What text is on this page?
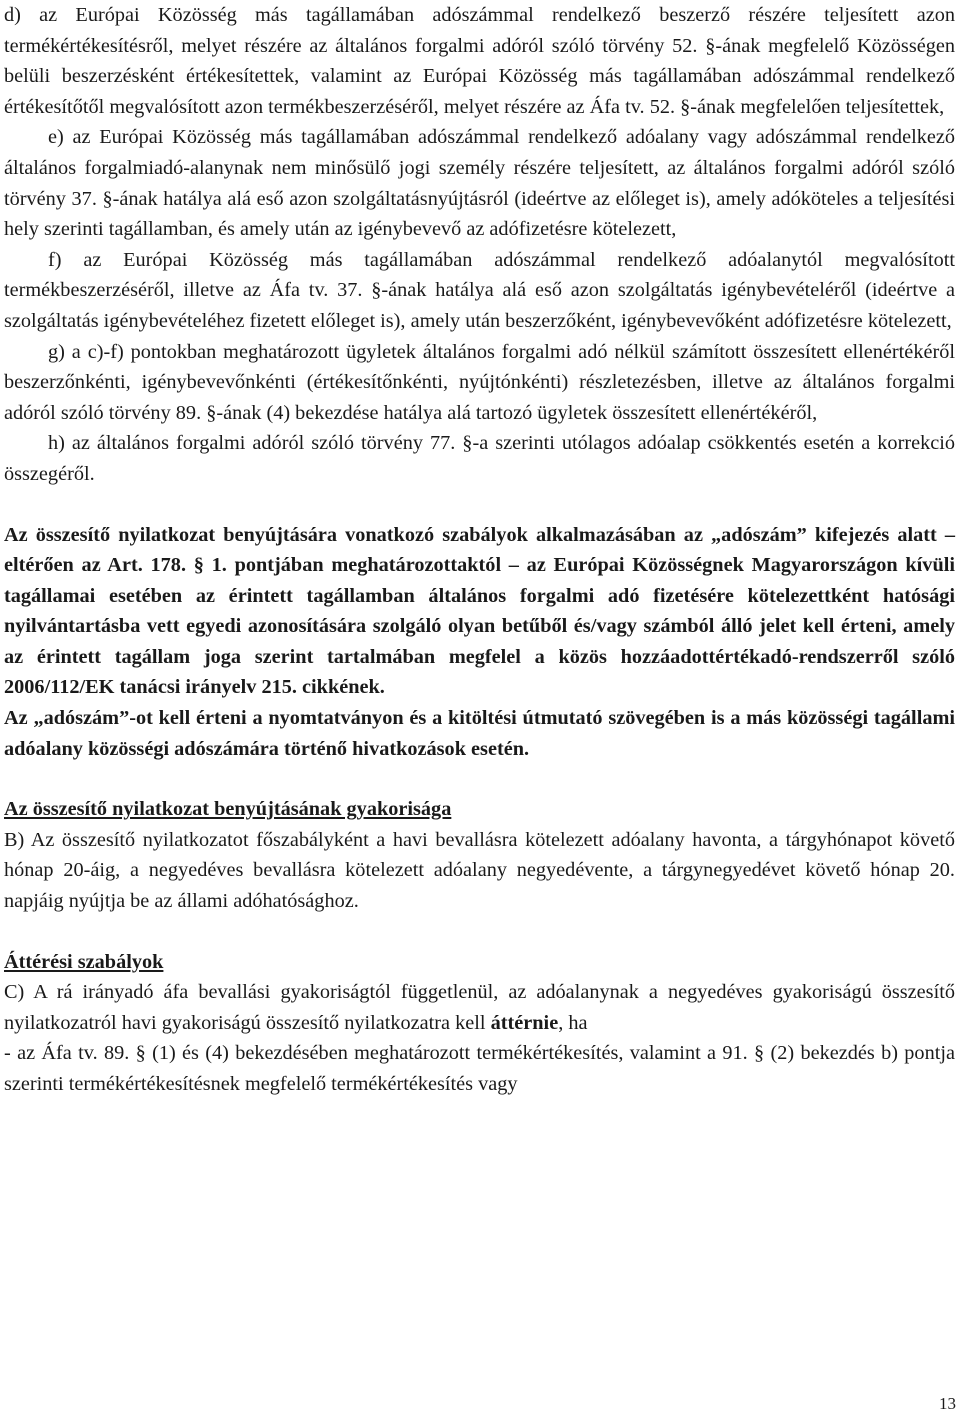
d) az Európai Közösség más tagállamában adószámmal rendelkező beszerző részére teljesített azon termékértékesítésről, melyet részére az általános forgalmi adóról szóló törvény 52. §-ának megfelelő Közösségen belüli beszerzésként értékesítettek, valamint az Európai Közösség más tagállamában adószámmal rendelkező értékesítőtől megvalósított azon termékbeszerzéséről, melyet részére az Áfa tv. 52. §-ának megfelelően teljesítettek,

e) az Európai Közösség más tagállamában adószámmal rendelkező adóalany vagy adószámmal rendelkező általános forgalmiadó-alanynak nem minősülő jogi személy részére teljesített, az általános forgalmi adóról szóló törvény 37. §-ának hatálya alá eső azon szolgáltatásnyújtásról (ideértve az előleget is), amely adóköteles a teljesítési hely szerinti tagállamban, és amely után az igénybevevő az adófizetésre kötelezett,

f) az Európai Közösség más tagállamában adószámmal rendelkező adóalanytól megvalósított termékbeszerzéséről, illetve az Áfa tv. 37. §-ának hatálya alá eső azon szolgáltatás igénybevételéről (ideértve a szolgáltatás igénybevételéhez fizetett előleget is), amely után beszerzőként, igénybevevőként adófizetésre kötelezett,

g) a c)-f) pontokban meghatározott ügyletek általános forgalmi adó nélkül számított összesített ellenértékéről beszerzőnkénti, igénybevevőnkénti (értékesítőnkénti, nyújtónkénti) részletezésben, illetve az általános forgalmi adóról szóló törvény 89. §-ának (4) bekezdése hatálya alá tartozó ügyletek összesített ellenértékéről,

h) az általános forgalmi adóról szóló törvény 77. §-a szerinti utólagos adóalap csökkentés esetén a korrekció összegéről.

Az összesítő nyilatkozat benyújtására vonatkozó szabályok alkalmazásában az „adószám” kifejezés alatt – eltérően az Art. 178. § 1. pontjában meghatározottaktól – az Európai Közösségnek Magyarországon kívüli tagállamai esetében az érintett tagállamban általános forgalmi adó fizetésére kötelezettként hatósági nyilvántartásba vett egyedi azonosítására szolgáló olyan betűből és/vagy számból álló jelet kell érteni, amely az érintett tagállam joga szerint tartalmában megfelel a közös hozzáadottértékadó-rendszerről szóló 2006/112/EK tanácsi irányelv 215. cikkének.

Az „adószám”-ot kell érteni a nyomtatványon és a kitöltési útmutató szövegében is a más közösségi tagállami adóalany közösségi adószámára történő hivatkozások esetén.

Az összesítő nyilatkozat benyújtásának gyakorisága

B) Az összesítő nyilatkozatot főszabályként a havi bevallásra kötelezett adóalany havonta, a tárgyhónapot követő hónap 20-áig, a negyedéves bevallásra kötelezett adóalany negyedévente, a tárgynegyedévet követő hónap 20. napjáig nyújtja be az állami adóhatósághoz.

Áttérési szabályok

C) A rá irányadó áfa bevallási gyakoriságtól függetlenül, az adóalanynak a negyedéves gyakoriságú összesítő nyilatkozatról havi gyakoriságú összesítő nyilatkozatra kell áttérnie, ha

- az Áfa tv. 89. § (1) és (4) bekezdésében meghatározott termékértékesítés, valamint a 91. § (2) bekezdés b) pontja szerinti termékértékesítésnek megfelelő termékértékesítés vagy

13
